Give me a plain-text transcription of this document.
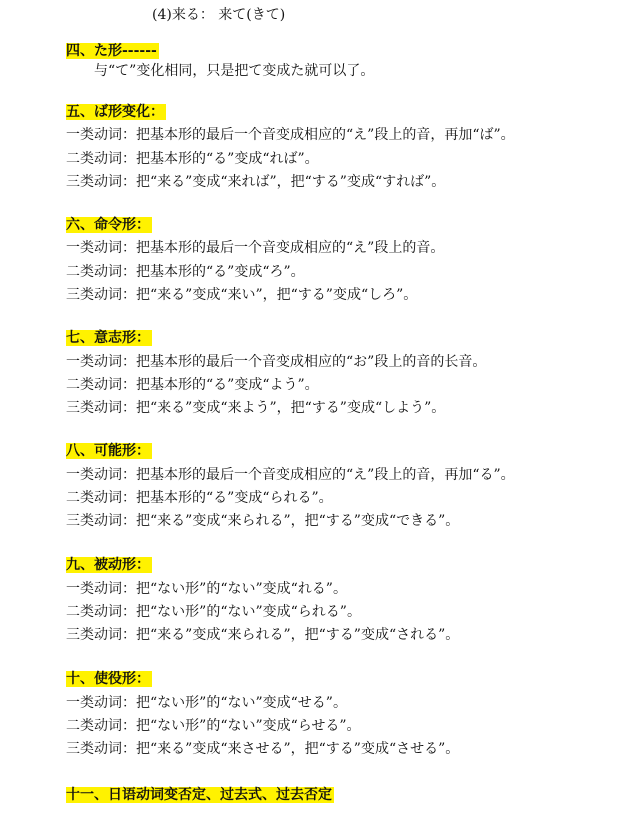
(4)来る： 来て(きて)
四、た形------
与“て”变化相同，只是把て变成た就可以了。
五、ば形变化：
一类动词：把基本形的最后一个音变成相应的“え”段上的音，再加“ば”。
二类动词：把基本形的“る”变成“れば”。
三类动词：把“来る”变成“来れば”，把“する”变成“すれば”。
六、命令形：
一类动词：把基本形的最后一个音变成相应的“え”段上的音。
二类动词：把基本形的“る”变成“ろ”。
三类动词：把“来る”变成“来い”，把“する”变成“しろ”。
七、意志形：
一类动词：把基本形的最后一个音变成相应的“お”段上的音的长音。
二类动词：把基本形的“る”变成“よう”。
三类动词：把“来る”变成“来よう”，把“する”变成“しよう”。
八、可能形：
一类动词：把基本形的最后一个音变成相应的“え”段上的音，再加“る”。
二类动词：把基本形的“る”变成“られる”。
三类动词：把“来る”变成“来られる”，把“する”变成“できる”。
九、被动形：
一类动词：把“ない形”的“ない”变成“れる”。
二类动词：把“ない形”的“ない”变成“られる”。
三类动词：把“来る”变成“来られる”，把“する”变成“される”。
十、使役形：
一类动词：把“ない形”的“ない”变成“せる”。
二类动词：把“ない形”的“ない”变成“らせる”。
三类动词：把“来る”变成“来させる”，把“する”变成“させる”。
十一、日语动词变否定、过去式、过去否定
